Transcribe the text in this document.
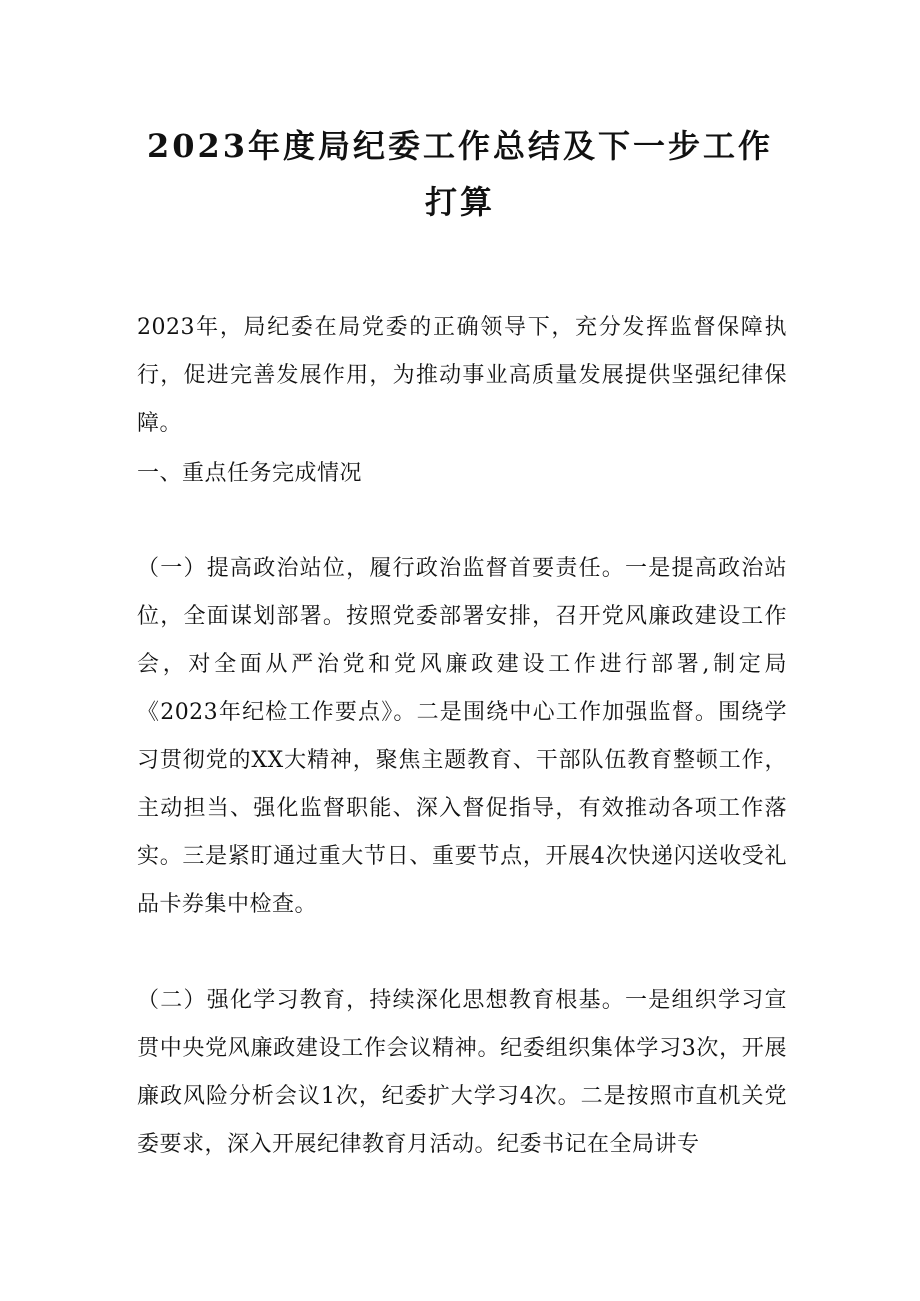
2023年度局纪委工作总结及下一步工作打算

2023年，局纪委在局党委的正确领导下，充分发挥监督保障执行，促进完善发展作用，为推动事业高质量发展提供坚强纪律保障。

一、重点任务完成情况

（一）提高政治站位，履行政治监督首要责任。一是提高政治站位，全面谋划部署。按照党委部署安排，召开党风廉政建设工作会，对全面从严治党和党风廉政建设工作进行部署,制定局《2023年纪检工作要点》。二是围绕中心工作加强监督。围绕学习贯彻党的XX大精神，聚焦主题教育、干部队伍教育整顿工作，主动担当、强化监督职能、深入督促指导，有效推动各项工作落实。三是紧盯通过重大节日、重要节点，开展4次快递闪送收受礼品卡券集中检查。

（二）强化学习教育，持续深化思想教育根基。一是组织学习宣贯中央党风廉政建设工作会议精神。纪委组织集体学习3次，开展廉政风险分析会议1次，纪委扩大学习4次。二是按照市直机关党委要求，深入开展纪律教育月活动。纪委书记在全局讲专
